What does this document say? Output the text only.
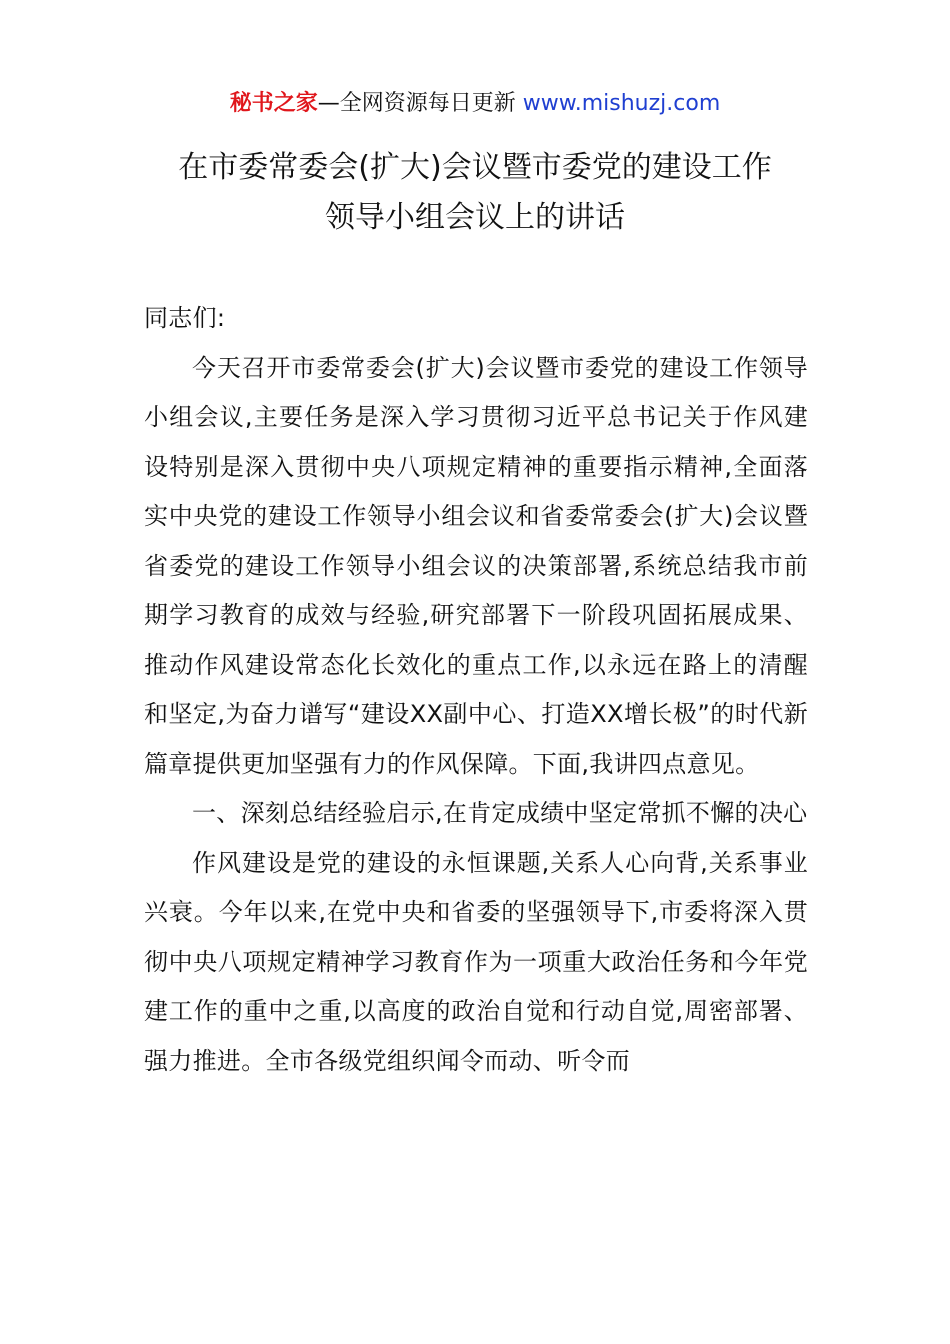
秘书之家—全网资源每日更新 www.mishuzj.com
在市委常委会(扩大)会议暨市委党的建设工作
领导小组会议上的讲话

同志们:

今天召开市委常委会(扩大)会议暨市委党的建设工作领导小组会议,主要任务是深入学习贯彻习近平总书记关于作风建设特别是深入贯彻中央八项规定精神的重要指示精神,全面落实中央党的建设工作领导小组会议和省委常委会(扩大)会议暨省委党的建设工作领导小组会议的决策部署,系统总结我市前期学习教育的成效与经验,研究部署下一阶段巩固拓展成果、推动作风建设常态化长效化的重点工作,以永远在路上的清醒和坚定,为奋力谱写“建设XX副中心、打造XX增长极”的时代新篇章提供更加坚强有力的作风保障。下面,我讲四点意见。

一、深刻总结经验启示,在肯定成绩中坚定常抓不懈的决心

作风建设是党的建设的永恒课题,关系人心向背,关系事业兴衰。今年以来,在党中央和省委的坚强领导下,市委将深入贯彻中央八项规定精神学习教育作为一项重大政治任务和今年党建工作的重中之重,以高度的政治自觉和行动自觉,周密部署、强力推进。全市各级党组织闻令而动、听令而
